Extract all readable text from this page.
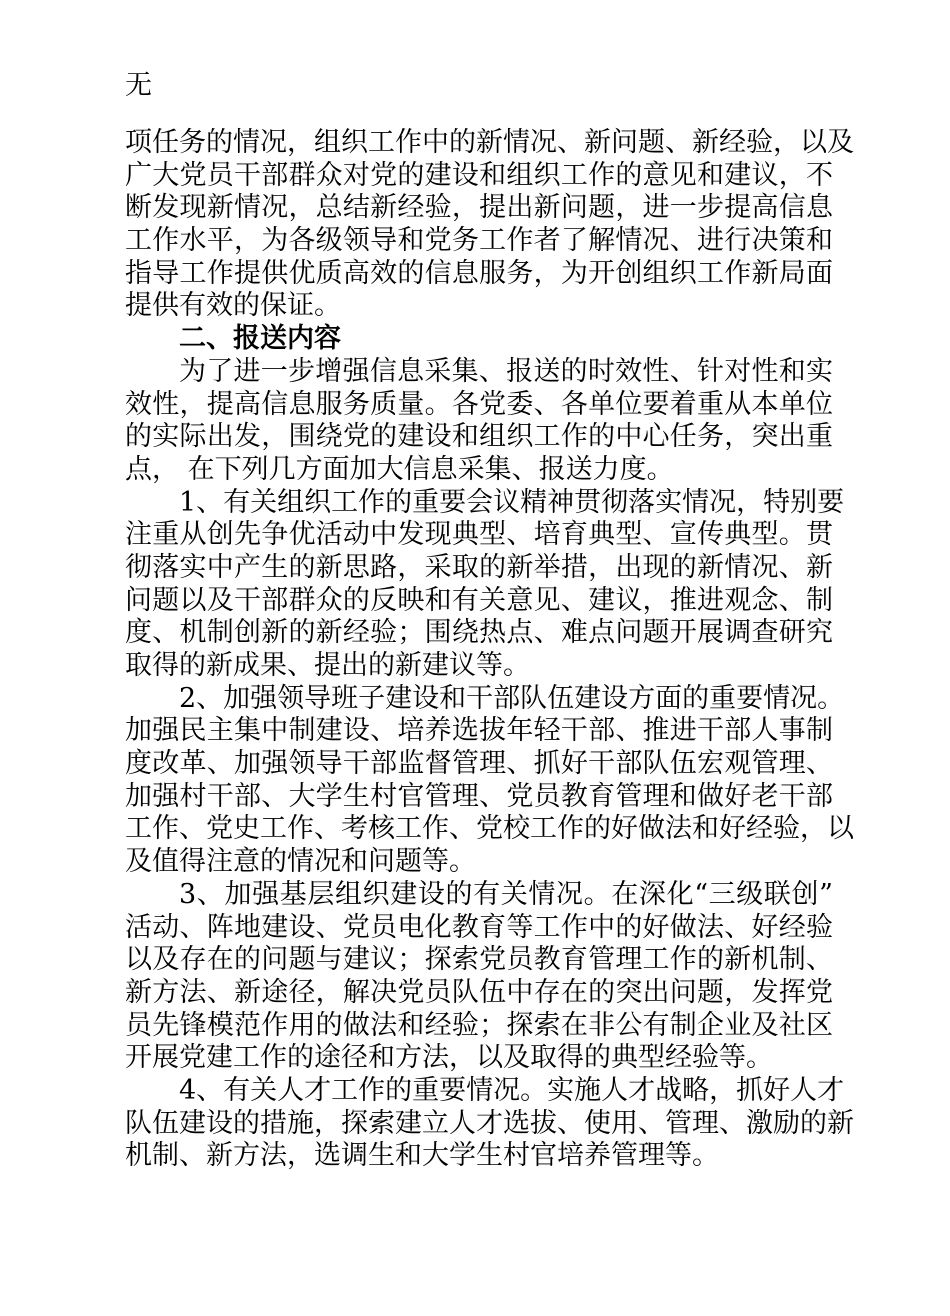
无
项任务的情况，组织工作中的新情况、新问题、新经验，以及
广大党员干部群众对党的建设和组织工作的意见和建议，不
断发现新情况，总结新经验，提出新问题，进一步提高信息
工作水平，为各级领导和党务工作者了解情况、进行决策和
指导工作提供优质高效的信息服务，为开创组织工作新局面
提供有效的保证。
二、报送内容
为了进一步增强信息采集、报送的时效性、针对性和实
效性，提高信息服务质量。各党委、各单位要着重从本单位
的实际出发，围绕党的建设和组织工作的中心任务，突出重
点， 在下列几方面加大信息采集、报送力度。
1、有关组织工作的重要会议精神贯彻落实情况，特别要
注重从创先争优活动中发现典型、培育典型、宣传典型。贯
彻落实中产生的新思路，采取的新举措，出现的新情况、新
问题以及干部群众的反映和有关意见、建议，推进观念、制
度、机制创新的新经验；围绕热点、难点问题开展调查研究
取得的新成果、提出的新建议等。
2、加强领导班子建设和干部队伍建设方面的重要情况。
加强民主集中制建设、培养选拔年轻干部、推进干部人事制
度改革、加强领导干部监督管理、抓好干部队伍宏观管理、
加强村干部、大学生村官管理、党员教育管理和做好老干部
工作、党史工作、考核工作、党校工作的好做法和好经验，以
及值得注意的情况和问题等。
3、加强基层组织建设的有关情况。在深化“三级联创”
活动、阵地建设、党员电化教育等工作中的好做法、好经验
以及存在的问题与建议；探索党员教育管理工作的新机制、
新方法、新途径，解决党员队伍中存在的突出问题，发挥党
员先锋模范作用的做法和经验；探索在非公有制企业及社区
开展党建工作的途径和方法，以及取得的典型经验等。
4、有关人才工作的重要情况。实施人才战略，抓好人才
队伍建设的措施，探索建立人才选拔、使用、管理、激励的新
机制、新方法，选调生和大学生村官培养管理等。
